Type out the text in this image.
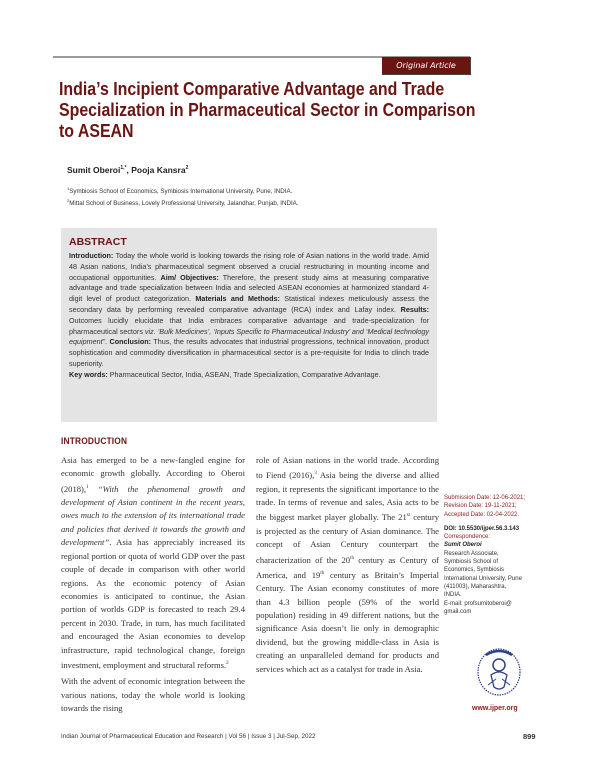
Original Article
India’s Incipient Comparative Advantage and Trade Specialization in Pharmaceutical Sector in Comparison to ASEAN
Sumit Oberoi$^{1,*}$, Pooja Kansra$^2$
$^1$Symbiosis School of Economics, Symbiosis International University, Pune, INDIA.
$^2$Mittal School of Business, Lovely Professional University, Jalandhar, Punjab, INDIA.
ABSTRACT
Introduction: Today the whole world is looking towards the rising role of Asian nations in the world trade. Amid 48 Asian nations, India’s pharmaceutical segment observed a crucial restructuring in mounting income and occupational opportunities. Aim/ Objectives: Therefore, the present study aims at measuring comparative advantage and trade specialization between India and selected ASEAN economies at harmonized standard 4-digit level of product categorization. Materials and Methods: Statistical indexes meticulously assess the secondary data by performing revealed comparative advantage (RCA) index and Lafay index. Results: Outcomes lucidly elucidate that India embraces comparative advantage and trade-specialization for pharmaceutical sectors viz. ‘Bulk Medicines’, ‘Inputs Specific to Pharmaceutical Industry’ and ‘Medical technology equipment”. Conclusion: Thus, the results advocates that industrial progressions, technical innovation, product sophistication and commodity diversification in pharmaceutical sector is a pre-requisite for India to clinch trade superiority.
Key words: Pharmaceutical Sector, India, ASEAN, Trade Specialization, Comparative Advantage.
INTRODUCTION

Asia has emerged to be a new-fangled engine for economic growth globally. According to Oberoi (2018),$^1$ “With the phenomenal growth and development of Asian continent in the recent years, owes much to the extension of its international trade and policies that derived it towards the growth and development”. Asia has appreciably increased its regional portion or quota of world GDP over the past couple of decade in comparison with other world regions. As the economic potency of Asian economies is anticipated to continue, the Asian portion of worlds GDP is forecasted to reach 29.4 percent in 2030. Trade, in turn, has much facilitated and encouraged the Asian economies to develop infrastructure, rapid technological change, foreign investment, employment and structural reforms.$^2$

With the advent of economic integration between the various nations, today the whole world is looking towards the rising

role of Asian nations in the world trade. According to Fiend (2016),$^3$ Asia being the diverse and allied region, it represents the significant importance to the trade. In terms of revenue and sales, Asia acts to be the biggest market player globally. The 21st century is projected as the century of Asian dominance. The concept of Asian Century counterpart the characterization of the 20th century as Century of America, and 19th century as Britain’s Imperial Century. The Asian economy constitutes of more than 4.3 billion people (59% of the world population) residing in 49 different nations, but the significance Asia doesn’t lie only in demographic dividend, but the growing middle-class in Asia is creating an unparalleled demand for products and services which act as a catalyst for trade in Asia.

Submission Date: 12-06-2021;
Revision Date: 19-11-2021;
Accepted Date: 02-04-2022.
DOI: 10.5530/ijper.56.3.143
Correspondence:
Sumit Oberoi
Research Associate,
Symbiosis School of
Economics, Symbiosis
International University, Pune
(411003), Maharashtra,
INDIA.
E-mail: profsumitoberoi@
gmail.com
www.ijper.org
Indian Journal of Pharmaceutical Education and Research | Vol 56 | Issue 3 | Jul-Sep, 2022	899
